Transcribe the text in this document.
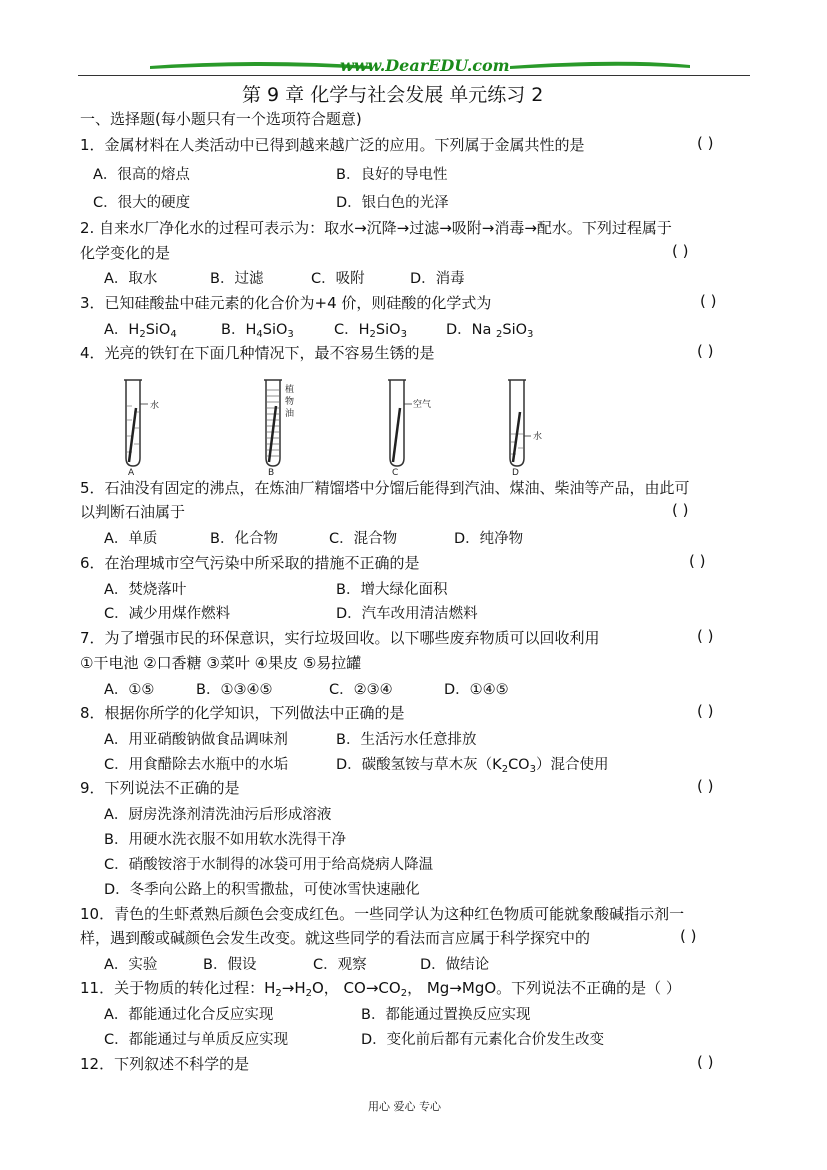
www.DearEDU.com
第 9 章 化学与社会发展 单元练习 2
一、选择题(每小题只有一个选项符合题意)
1．金属材料在人类活动中已得到越来越广泛的应用。下列属于金属共性的是	( )
A．很高的熔点	B．良好的导电性
C．很大的硬度	D．银白色的光泽
2. 自来水厂净化水的过程可表示为：取水→沉降→过滤→吸附→消毒→配水。下列过程属于
化学变化的是	( )
A．取水	B．过滤	C．吸附	D．消毒
3．已知硅酸盐中硅元素的化合价为+4 价，则硅酸的化学式为	( )
A．$H_2SiO_4$	B．$H_4SiO_3$	C．$H_2SiO_3$	D．Na $_2$SiO$_3$
4．光亮的铁钉在下面几种情况下，最不容易生锈的是	( )
水
A
植
物
油
B
空气
C
水
D
5．石油没有固定的沸点，在炼油厂精馏塔中分馏后能得到汽油、煤油、柴油等产品，由此可
以判断石油属于	( )
A．单质	B．化合物	C．混合物	D．纯净物
6．在治理城市空气污染中所采取的措施不正确的是	( )
A．焚烧落叶	B．增大绿化面积
C．减少用煤作燃料	D．汽车改用清洁燃料
7．为了增强市民的环保意识，实行垃圾回收。以下哪些废弃物质可以回收利用	( )
①干电池 ②口香糖 ③菜叶 ④果皮 ⑤易拉罐
A．①⑤	B．①③④⑤	C．②③④	D．①④⑤
8．根据你所学的化学知识，下列做法中正确的是	( )
A．用亚硝酸钠做食品调味剂	B．生活污水任意排放
C．用食醋除去水瓶中的水垢	D．碳酸氢铵与草木灰$(K_2CO_3)$混合使用
9．下列说法不正确的是	( )
A．厨房洗涤剂清洗油污后形成溶液
B．用硬水洗衣服不如用软水洗得干净
C．硝酸铵溶于水制得的冰袋可用于给高烧病人降温
D．冬季向公路上的积雪撒盐，可使冰雪快速融化
10．青色的生虾煮熟后颜色会变成红色。一些同学认为这种红色物质可能就象酸碱指示剂一
样，遇到酸或碱颜色会发生改变。就这些同学的看法而言应属于科学探究中的	( )
A．实验	B．假设	C．观察	D．做结论
11．关于物质的转化过程：$H_2\to H_2O$， $CO\to CO_2$， Mg→MgO。下列说法不正确的是（ ）
A．都能通过化合反应实现	B．都能通过置换反应实现
C．都能通过与单质反应实现	D．变化前后都有元素化合价发生改变
12．下列叙述不科学的是	( )
用心 爱心 专心
